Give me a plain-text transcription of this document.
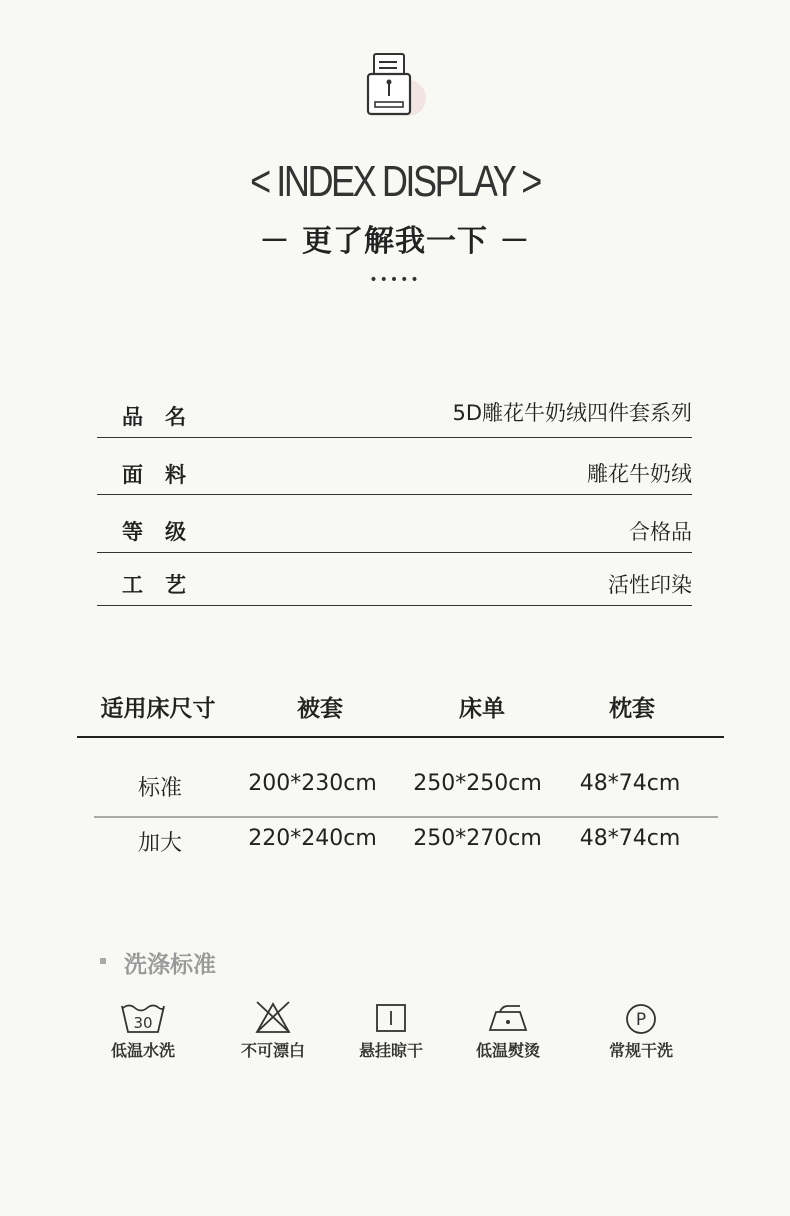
< INDEX DISPLAY >
－ 更了解我一下 －
•••••
品名	5D雕花牛奶绒四件套系列
面料	雕花牛奶绒
等级	合格品
工艺	活性印染
适用床尺寸	被套	床单	枕套
标准	200*230cm	250*250cm	48*74cm
加大	220*240cm	250*270cm	48*74cm
洗涤标准
30
低温水洗	不可漂白	悬挂晾干	低温熨烫
P
常规干洗
